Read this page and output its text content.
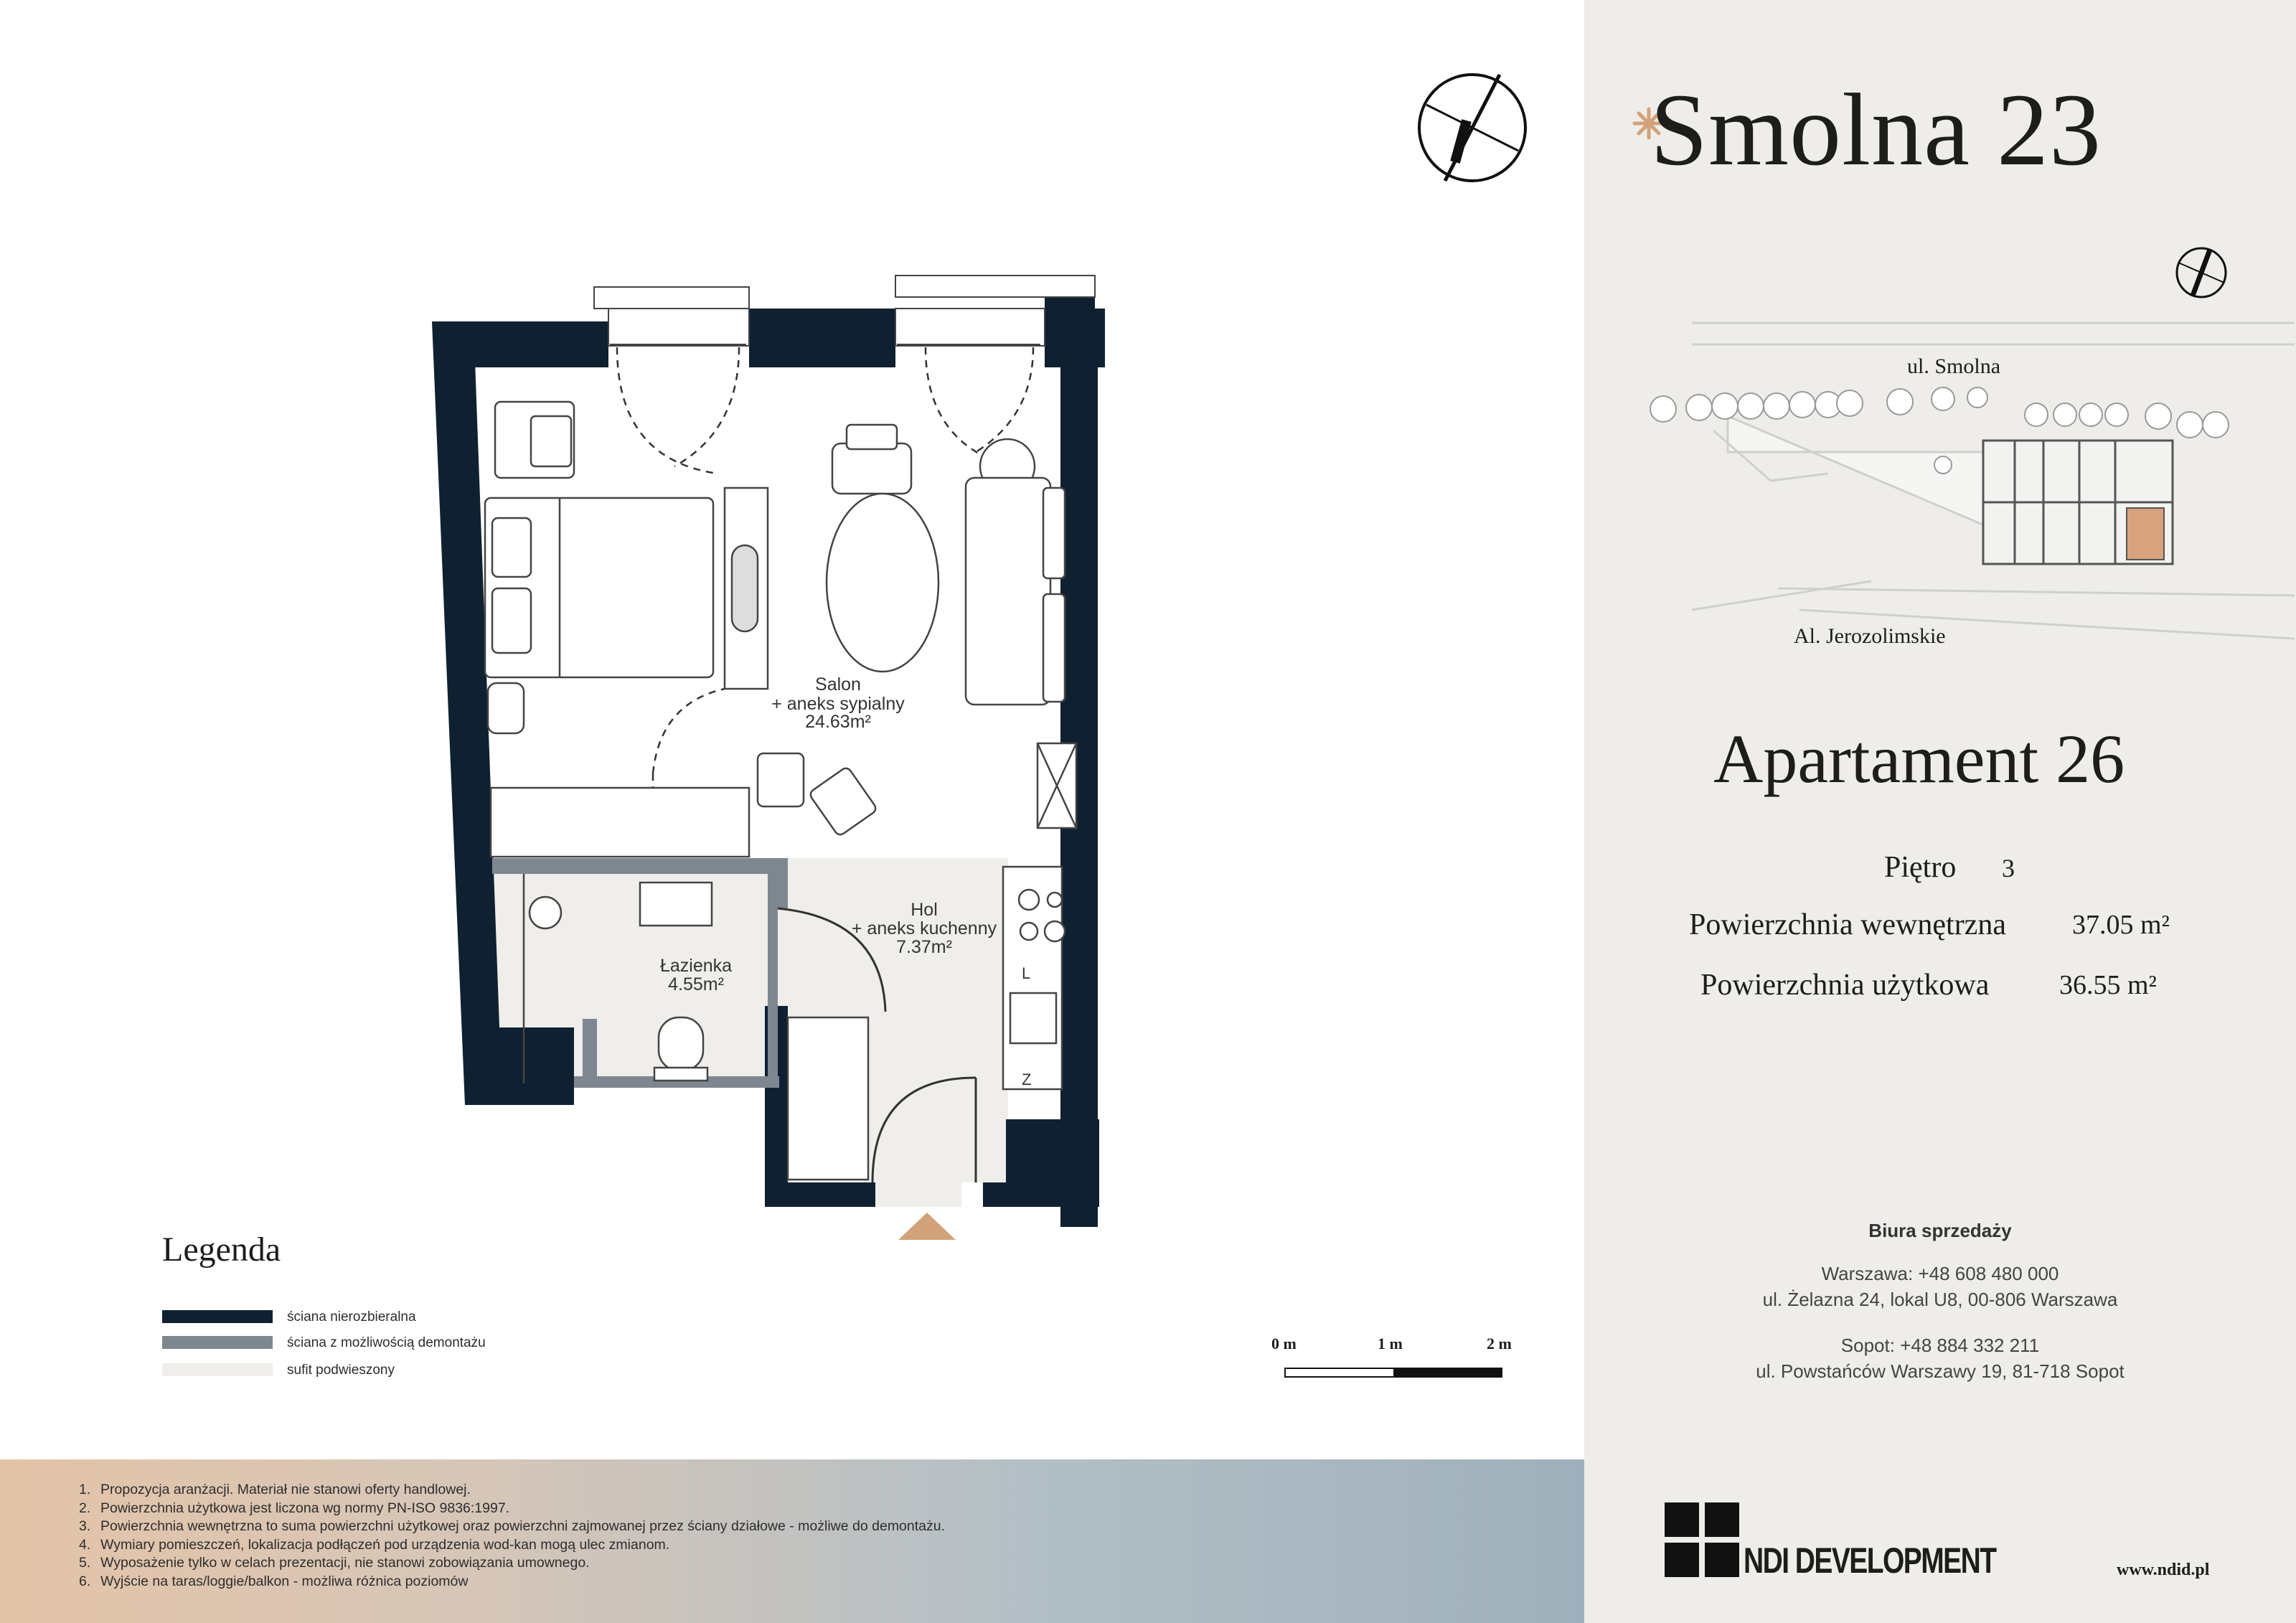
L
Z
Salon
+ aneks sypialny
24.63m²
Hol
+ aneks kuchenny
7.37m²
Łazienka
4.55m²
Legenda
ściana nierozbieralna
ściana z możliwością demontażu
sufit podwieszony
0 m	1 m	2 m
1. Propozycja aranżacji. Materiał nie stanowi oferty handlowej.
2. Powierzchnia użytkowa jest liczona wg normy PN-ISO 9836:1997.
3. Powierzchnia wewnętrzna to suma powierzchni użytkowej oraz powierzchni zajmowanej przez ściany działowe - możliwe do demontażu.
4. Wymiary pomieszczeń, lokalizacja podłączeń pod urządzenia wod-kan mogą ulec zmianom.
5. Wyposażenie tylko w celach prezentacji, nie stanowi zobowiązania umownego.
6. Wyjście na taras/loggie/balkon - możliwa różnica poziomów
Smolna 23
ul. Smolna
Al. Jerozolimskie
Apartament 26
Piętro 3
Powierzchnia wewnętrzna 37.05 m²
Powierzchnia użytkowa	36.55 m²
NDI DEVELOPMENT	www.ndid.pl
Biura sprzedaży
Warszawa: +48 608 480 000
ul. Żelazna 24, lokal U8, 00-806 Warszawa
Sopot: +48 884 332 211
ul. Powstańców Warszawy 19, 81-718 Sopot
